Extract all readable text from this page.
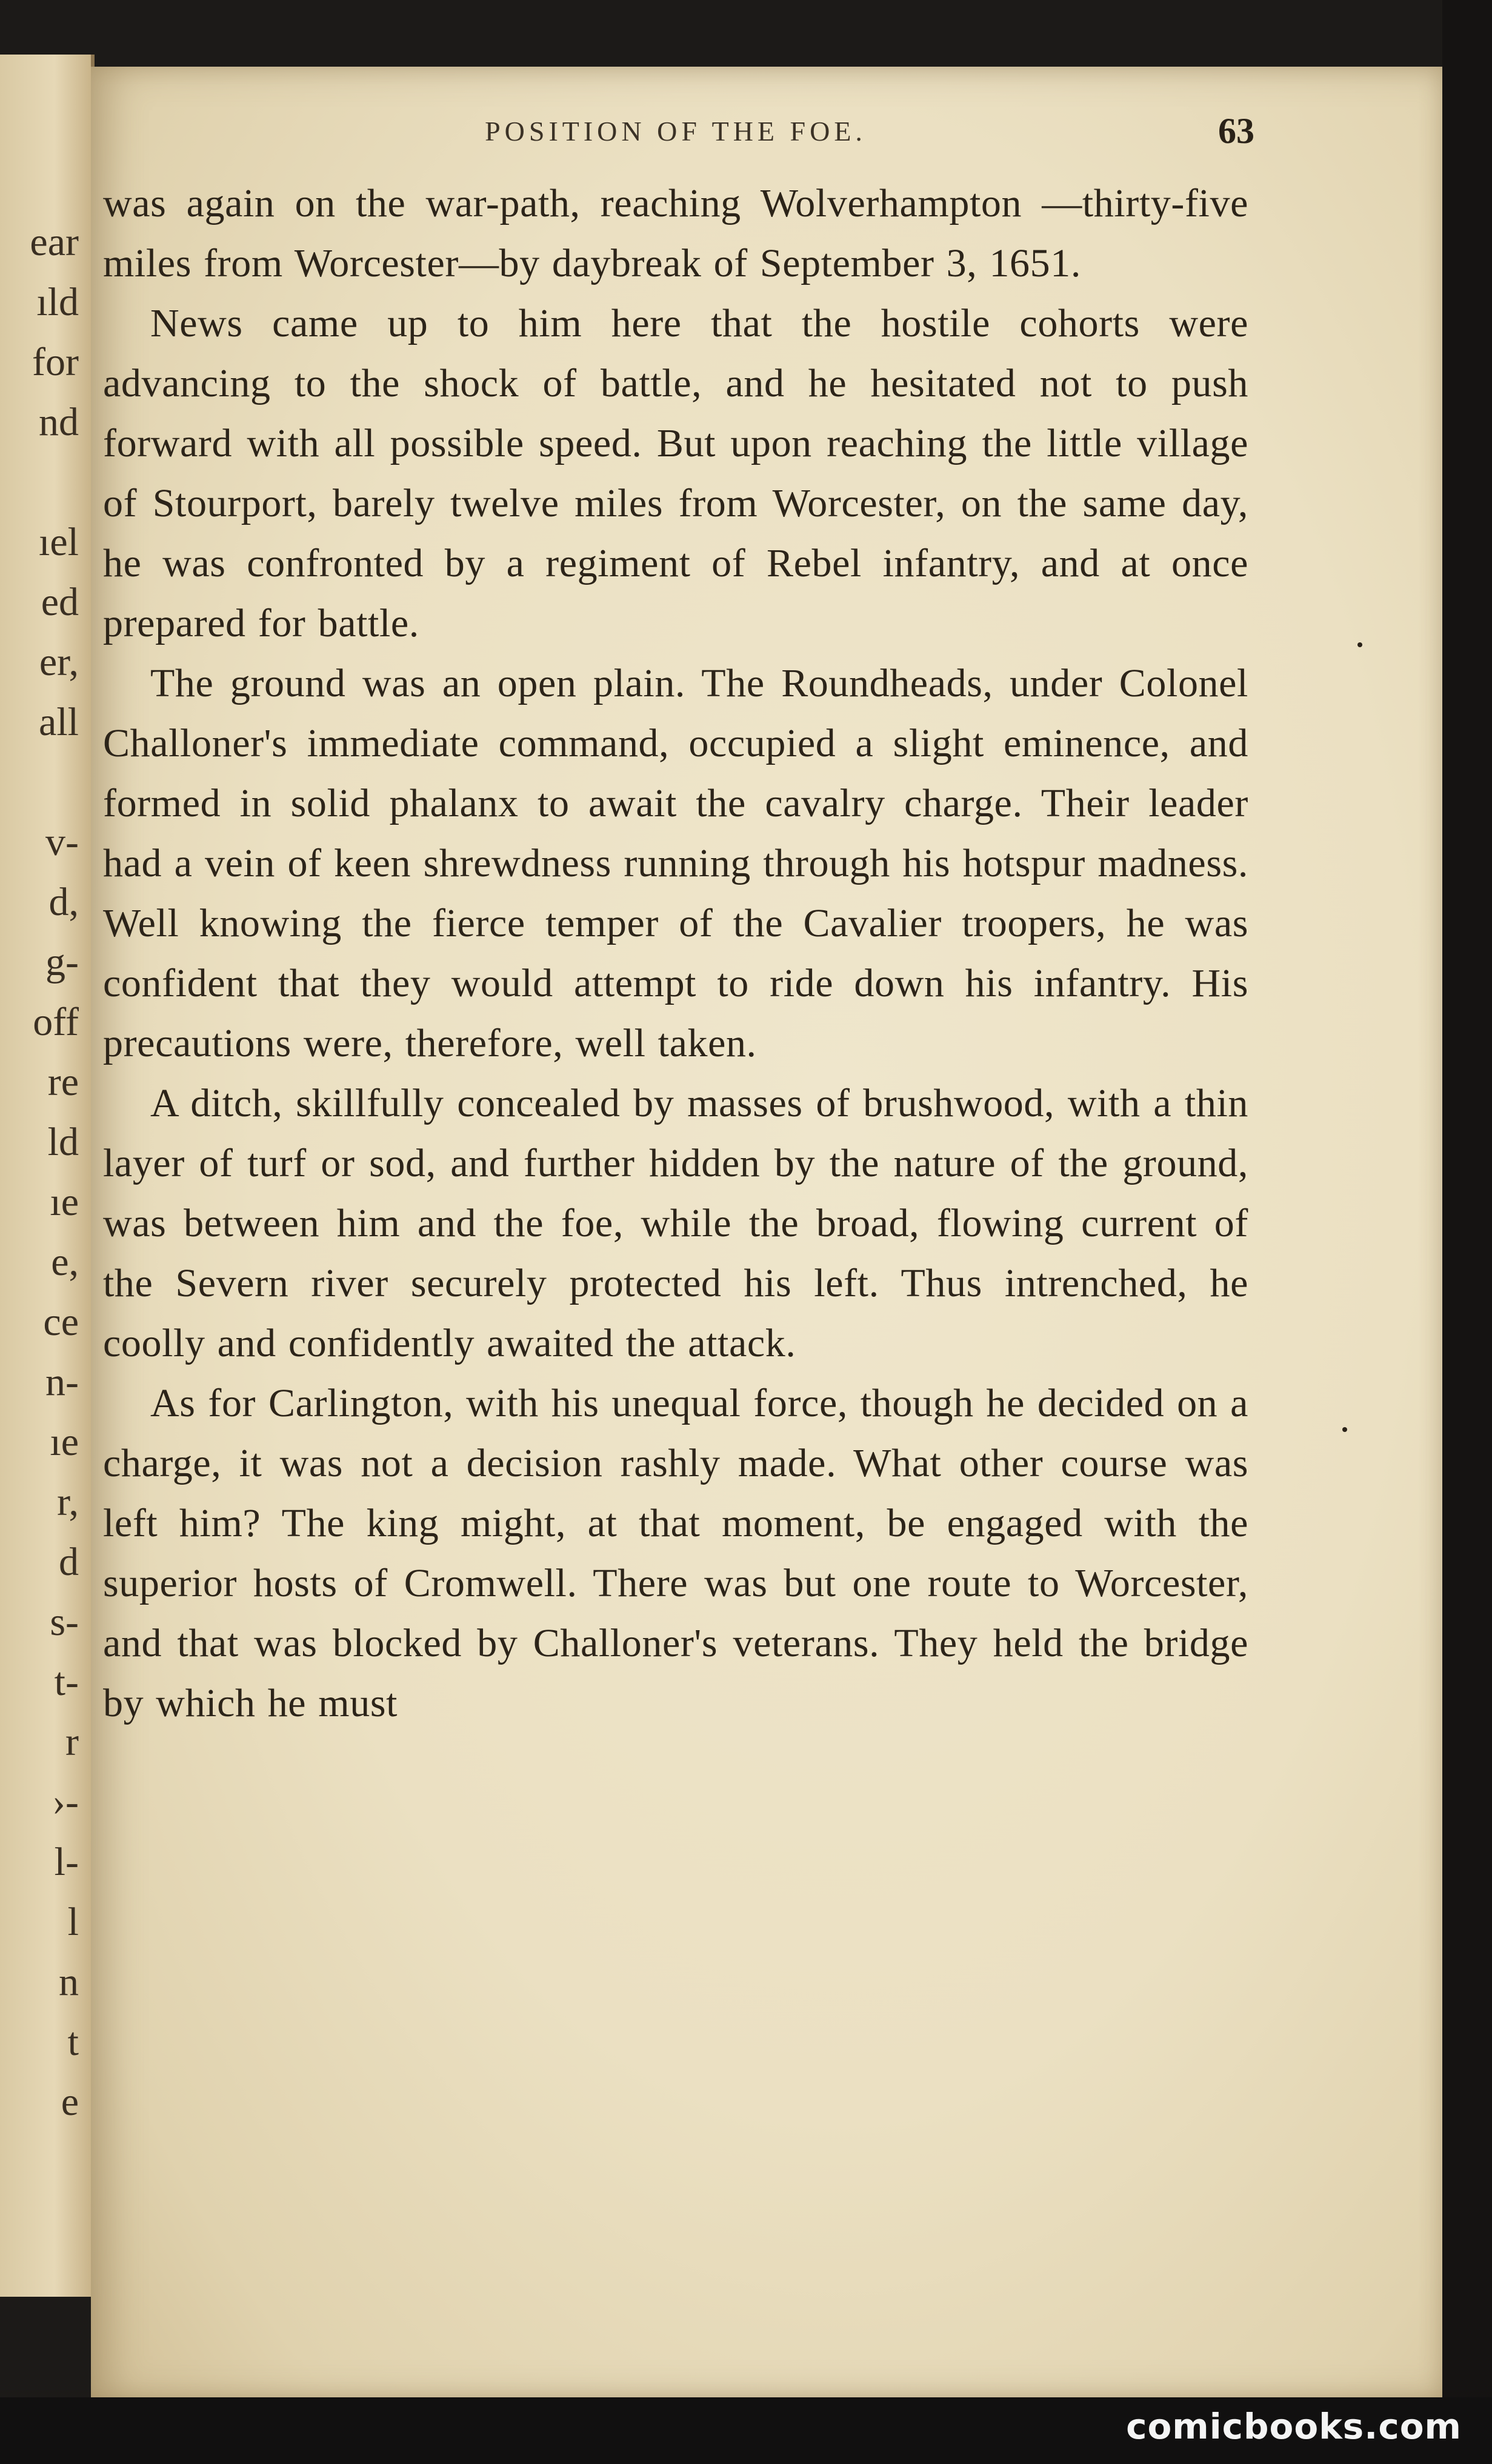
ear
ıld
for
nd
ıel
ed
er,
all
v-
d,
g-
off
re
ld
ıe
e,
ce
n-
ıe
r,
d
s-
t-
r
›-
l-
l
n
t
e
POSITION OF THE FOE.	63

was again on the war-path, reaching Wolverhampton —thirty-five miles from Worcester—by daybreak of September 3, 1651.

News came up to him here that the hostile cohorts were advancing to the shock of battle, and he hesitated not to push forward with all possible speed. But upon reaching the little village of Stourport, barely twelve miles from Worcester, on the same day, he was confronted by a regiment of Rebel infantry, and at once prepared for battle.

The ground was an open plain. The Roundheads, under Colonel Challoner's immediate command, occupied a slight eminence, and formed in solid phalanx to await the cavalry charge. Their leader had a vein of keen shrewdness running through his hotspur madness. Well knowing the fierce temper of the Cavalier troopers, he was confident that they would attempt to ride down his infantry. His precautions were, therefore, well taken.

A ditch, skillfully concealed by masses of brushwood, with a thin layer of turf or sod, and further hidden by the nature of the ground, was between him and the foe, while the broad, flowing current of the Severn river securely protected his left. Thus intrenched, he coolly and confidently awaited the attack.

As for Carlington, with his unequal force, though he decided on a charge, it was not a decision rashly made. What other course was left him? The king might, at that moment, be engaged with the superior hosts of Cromwell. There was but one route to Worcester, and that was blocked by Challoner's veterans. They held the bridge by which he must

comicbooks.com
